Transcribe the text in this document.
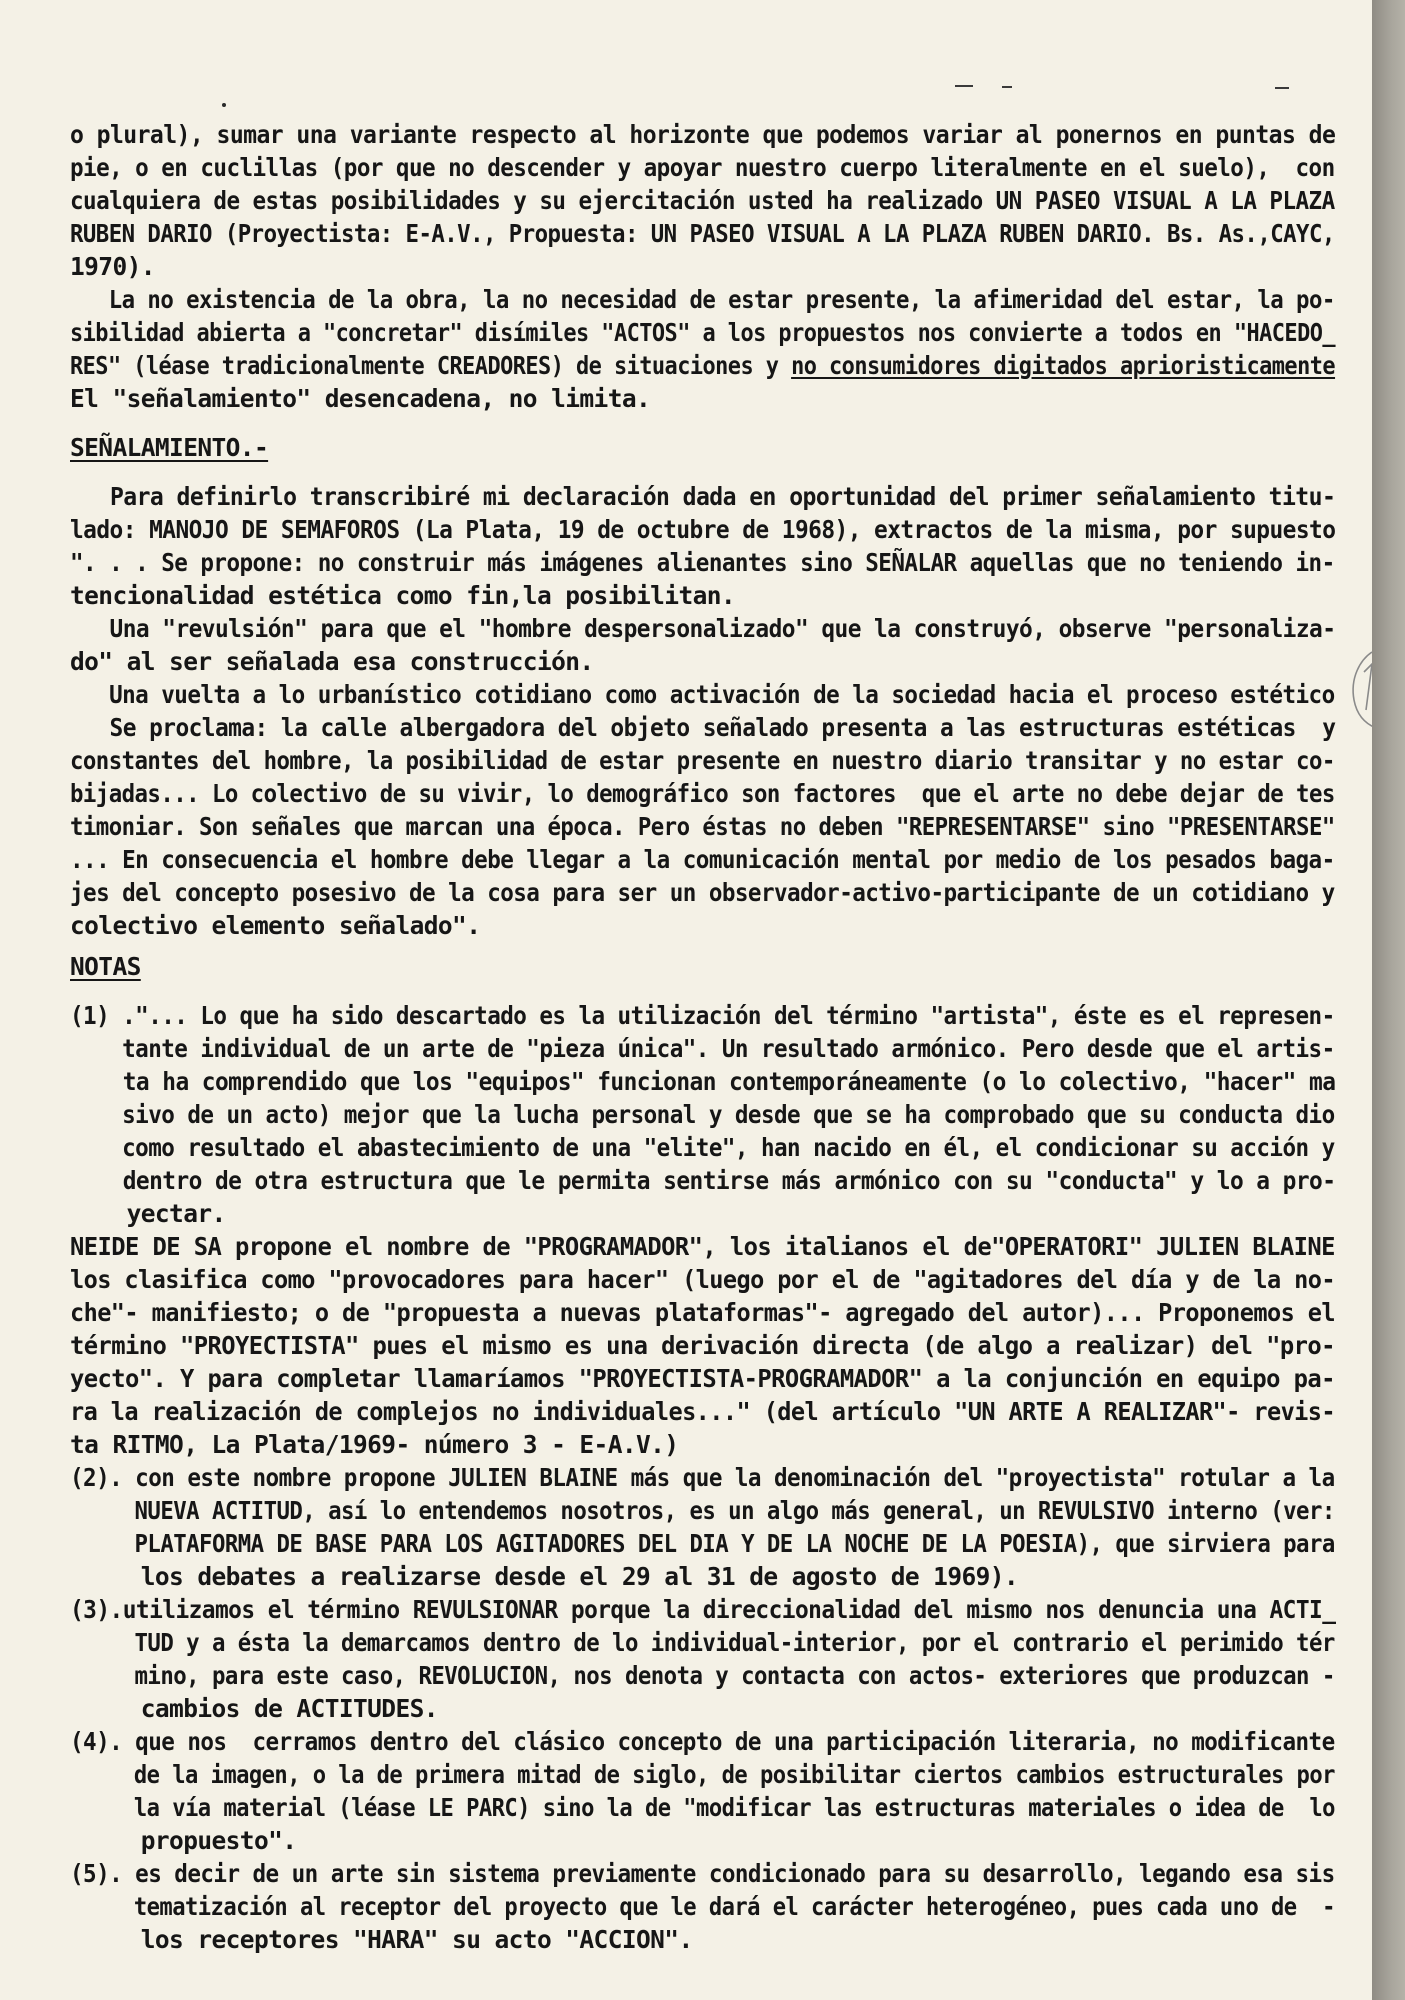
o plural), sumar una variante respecto al horizonte que podemos variar al ponernos en puntas de

pie, o en cuclillas (por que no descender y apoyar nuestro cuerpo literalmente en el suelo),  con

cualquiera de estas posibilidades y su ejercitación usted ha realizado UN PASEO VISUAL A LA PLAZA

RUBEN DARIO (Proyectista: E-A.V., Propuesta: UN PASEO VISUAL A LA PLAZA RUBEN DARIO. Bs. As.,CAYC,

1970).

La no existencia de la obra, la no necesidad de estar presente, la afimeridad del estar, la po-

sibilidad abierta a "concretar" disímiles "ACTOS" a los propuestos nos convierte a todos en "HACEDO_

RES" (léase tradicionalmente CREADORES) de situaciones y no consumidores digitados aprioristicamente

El "señalamiento" desencadena, no limita.

SEÑALAMIENTO.-

Para definirlo transcribiré mi declaración dada en oportunidad del primer señalamiento titu-

lado: MANOJO DE SEMAFOROS (La Plata, 19 de octubre de 1968), extractos de la misma, por supuesto

". . . Se propone: no construir más imágenes alienantes sino SEÑALAR aquellas que no teniendo in-

tencionalidad estética como fin,la posibilitan.

Una "revulsión" para que el "hombre despersonalizado" que la construyó, observe "personaliza-

do" al ser señalada esa construcción.

Una vuelta a lo urbanístico cotidiano como activación de la sociedad hacia el proceso estético

Se proclama: la calle albergadora del objeto señalado presenta a las estructuras estéticas  y

constantes del hombre, la posibilidad de estar presente en nuestro diario transitar y no estar co-

bijadas... Lo colectivo de su vivir, lo demográfico son factores  que el arte no debe dejar de tes

timoniar. Son señales que marcan una época. Pero éstas no deben "REPRESENTARSE" sino "PRESENTARSE"

... En consecuencia el hombre debe llegar a la comunicación mental por medio de los pesados baga-

jes del concepto posesivo de la cosa para ser un observador-activo-participante de un cotidiano y

colectivo elemento señalado".

NOTAS

(1) ."... Lo que ha sido descartado es la utilización del término "artista", éste es el represen-

tante individual de un arte de "pieza única". Un resultado armónico. Pero desde que el artis-

ta ha comprendido que los "equipos" funcionan contemporáneamente (o lo colectivo, "hacer" ma

sivo de un acto) mejor que la lucha personal y desde que se ha comprobado que su conducta dio

como resultado el abastecimiento de una "elite", han nacido en él, el condicionar su acción y

dentro de otra estructura que le permita sentirse más armónico con su "conducta" y lo a pro-

yectar.

NEIDE DE SA propone el nombre de "PROGRAMADOR", los italianos el de"OPERATORI" JULIEN BLAINE

los clasifica como "provocadores para hacer" (luego por el de "agitadores del día y de la no-

che"- manifiesto; o de "propuesta a nuevas plataformas"- agregado del autor)... Proponemos el

término "PROYECTISTA" pues el mismo es una derivación directa (de algo a realizar) del "pro-

yecto". Y para completar llamaríamos "PROYECTISTA-PROGRAMADOR" a la conjunción en equipo pa-

ra la realización de complejos no individuales..." (del artículo "UN ARTE A REALIZAR"- revis-

ta RITMO, La Plata/1969- número 3 - E-A.V.)

(2). con este nombre propone JULIEN BLAINE más que la denominación del "proyectista" rotular a la

NUEVA ACTITUD, así lo entendemos nosotros, es un algo más general, un REVULSIVO interno (ver:

PLATAFORMA DE BASE PARA LOS AGITADORES DEL DIA Y DE LA NOCHE DE LA POESIA), que sirviera para

los debates a realizarse desde el 29 al 31 de agosto de 1969).

(3).utilizamos el término REVULSIONAR porque la direccionalidad del mismo nos denuncia una ACTI_

TUD y a ésta la demarcamos dentro de lo individual-interior, por el contrario el perimido tér

mino, para este caso, REVOLUCION, nos denota y contacta con actos- exteriores que produzcan -

cambios de ACTITUDES.

(4). que nos  cerramos dentro del clásico concepto de una participación literaria, no modificante

de la imagen, o la de primera mitad de siglo, de posibilitar ciertos cambios estructurales por

la vía material (léase LE PARC) sino la de "modificar las estructuras materiales o idea de  lo

propuesto".

(5). es decir de un arte sin sistema previamente condicionado para su desarrollo, legando esa sis

tematización al receptor del proyecto que le dará el carácter heterogéneo, pues cada uno de  -

los receptores "HARA" su acto "ACCION".
